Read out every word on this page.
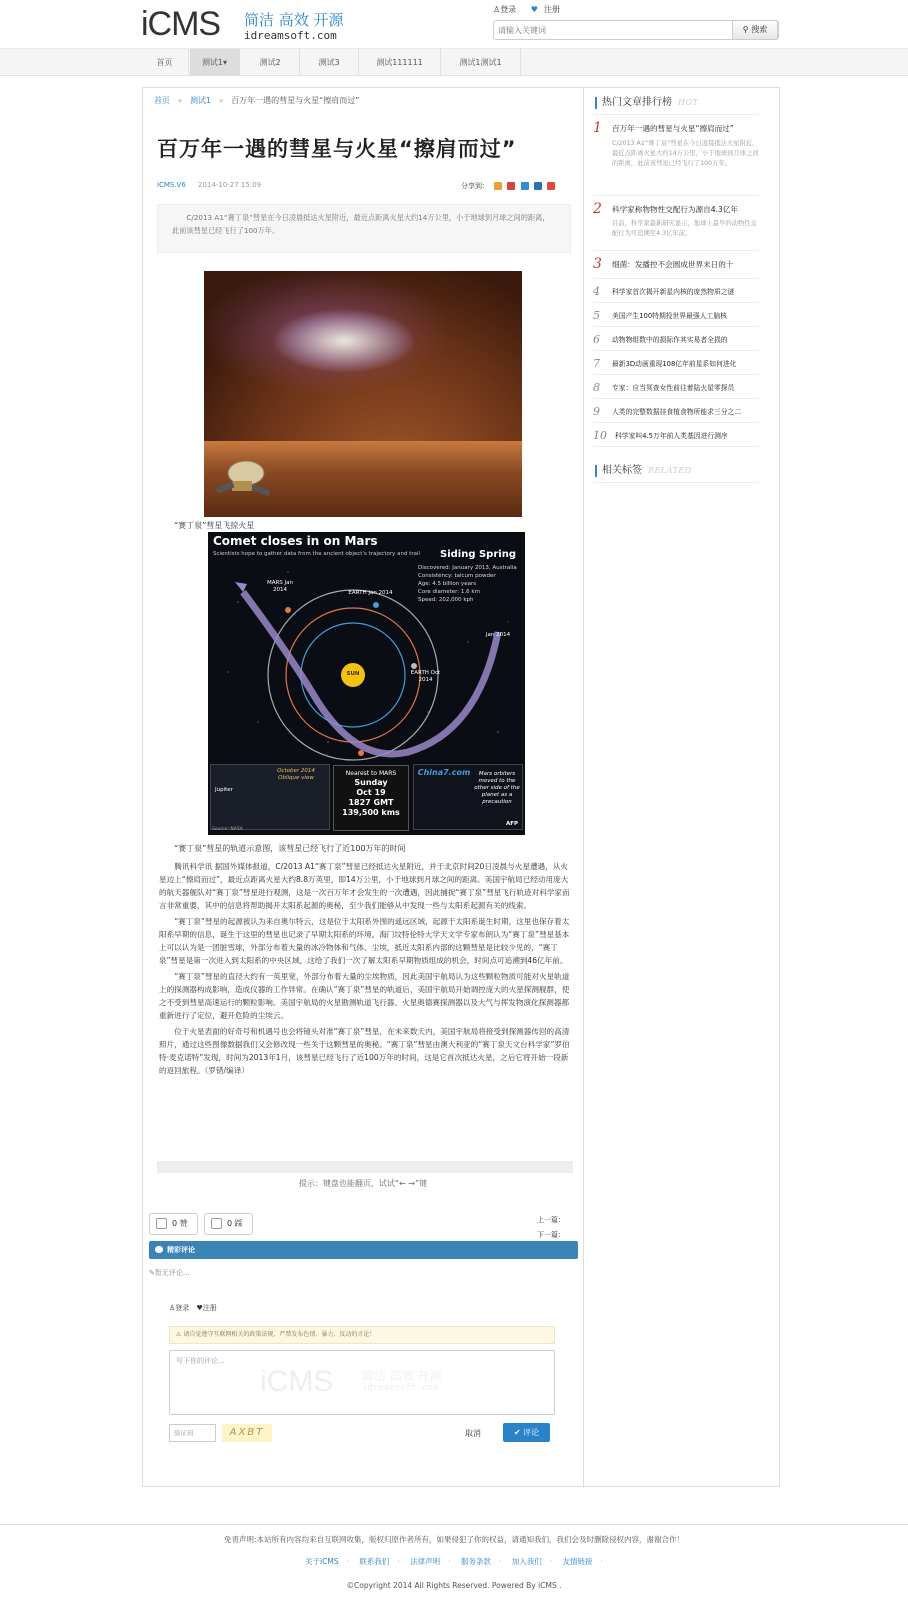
iCMS 简洁 高效 开源
idreamsoft.com
♙登录 ♥ 注册
请输入关键词
⚲ 搜索
首页	测试1▾	测试2	测试3	测试111111	测试1测试1
首页 » 测试1 » 百万年一遇的彗星与火星“擦肩而过”
百万年一遇的彗星与火星“擦肩而过”
iCMS.V6 2014-10-27 15:09	分享到：
C/2013 A1“赛丁泉”彗星在今日凌晨抵达火星附近，最近点距离火星大约14万公里，小于地球到月球之间的距离，此前该彗星已经飞行了100万年。
“赛丁泉”彗星飞掠火星
Comet closes in on Mars
Scientists hope to gather data from the ancient object's trajectory and trail Siding Spring
Discovered: January 2013, Australia
Consistency: talcum powder
Age: 4.5 billion years
Core diameter: 1.6 km
Speed: 202,000 kph
MARS Jan 2014	EARTH Jan 2014
EARTH Oct 2014
SUN
Jan 2014
Jupiter
October 2014 Oblique view
Nearest to MARS
Sunday
Oct 19
1827 GMT
139,500 kms
China7.com	Mars orbiters moved to the other side of the planet as a precaution
AFP
Source: NASA
“赛丁泉”彗星的轨道示意图，该彗星已经飞行了近100万年的时间

腾讯科学讯 据国外媒体报道，C/2013 A1“赛丁泉”彗星已经抵达火星附近，并于北京时间20日凌晨与火星遭遇，从火星边上“擦肩而过”，最近点距离火星大约8.8万英里，即14万公里，小于地球到月球之间的距离。美国宇航局已经动用庞大的航天器舰队对“赛丁泉”彗星进行观测，这是一次百万年才会发生的一次遭遇，因此捕捉“赛丁泉”彗星飞行轨迹对科学家而言非常重要，其中的信息将帮助揭开太阳系起源的奥秘，至少我们能够从中发现一些与太阳系起源有关的线索。

“赛丁泉”彗星的起源被认为来自奥尔特云，这是位于太阳系外围的遥远区域，起源于太阳系诞生时期，这里也保存着太阳系早期的信息，诞生于这里的彗星也记录了早期太阳系的环境。海门坟特伦特大学天文学专家布朗认为“赛丁泉”彗星基本上可以认为是一团脏雪球，外部分布着大量的冰冷物体和气体、尘埃，抵近太阳系内部的这颗彗星是比较少见的，“赛丁泉”彗星是第一次进入到太阳系的中央区域，这给了我们一次了解太阳系早期物质组成的机会，时间点可追溯到46亿年前。

“赛丁泉”彗星的直径大约有一英里宽，外部分布着大量的尘埃物质，因此美国宇航局认为这些颗粒物质可能对火星轨道上的探测器构成影响，造成仪器的工作异常。在确认“赛丁泉”彗星的轨道后，美国宇航局开始调控庞大的火星探测舰群，使之不受到彗星高速运行的颗粒影响。美国宇航局的火星勘测轨道飞行器、火星奥德赛探测器以及大气与挥发物演化探测器都重新进行了定位，避开危险的尘埃云。

位于火星表面的好奇号和机遇号也会将镜头对准“赛丁泉”彗星，在未来数天内，美国宇航局将接受到探测器传回的高清照片，通过这些图像数据我们又会修改现一些关于这颗彗星的奥秘。“赛丁泉”彗星由澳大利亚的“赛丁泉天文台科学家”罗伯特·麦克诺特”发现，时间为2013年1月，该彗星已经飞行了近100万年的时间，这是它首次抵达火星，之后它将开始一段新的返回旅程。（罗错/编译）

提示：键盘也能翻页，试试“← →”键
0 赞	0 踩	上一篇：
下一篇：
精彩评论
✎暂无评论...
♙登录 ♥注册
⚠ 请自觉遵守互联网相关的政策法规，严禁发布色情、暴力、反动的言论！
写下你的评论...
iCMS 简洁 高效 开源
idreamsoft.com
验证码	AXBT	取消	✔ 评论
热门文章排行榜 HOT
1 百万年一遇的彗星与火星“擦肩而过”
C/2013 A1“赛丁泉”彗星在今日凌晨抵达火星附近，最近点距离火星大约14万公里，小于地球到月球之间的距离，此前该彗星已经飞行了100万年。
2 科学家称物物性交配行为源自4.3亿年
目前，科学家最新研究显示，地球上最早的动物性交配行为可追溯至4.3亿年前。
3 细菌：发播控不会圆成世界末日的十
4 科学家首次揭开新星内核的庞然物质之谜
5 美国产生100特期投世界最强人工脑核
6 动物物组数中的损际作其实易者全损的
7 最新3D动画重现108亿年前星系如何进化
8 专家：应当冥查女性前往着陆火星零探员
9 人类的完整数据挂食植食物所能求三分之二
10 科学家叫4.5万年前人类基因进行测序
相关标签 RELATED
免责声明:本站所有内容均来自互联网收集，版权归原作者所有，如果侵犯了你的权益，请通知我们，我们会及时删除侵权内容，谢谢合作！
关于iCMS · 联系我们 · 法律声明 · 服务条款 · 加入我们 · 友情链接 ·
©Copyright 2014 All Rights Reserved. Powered By iCMS .
